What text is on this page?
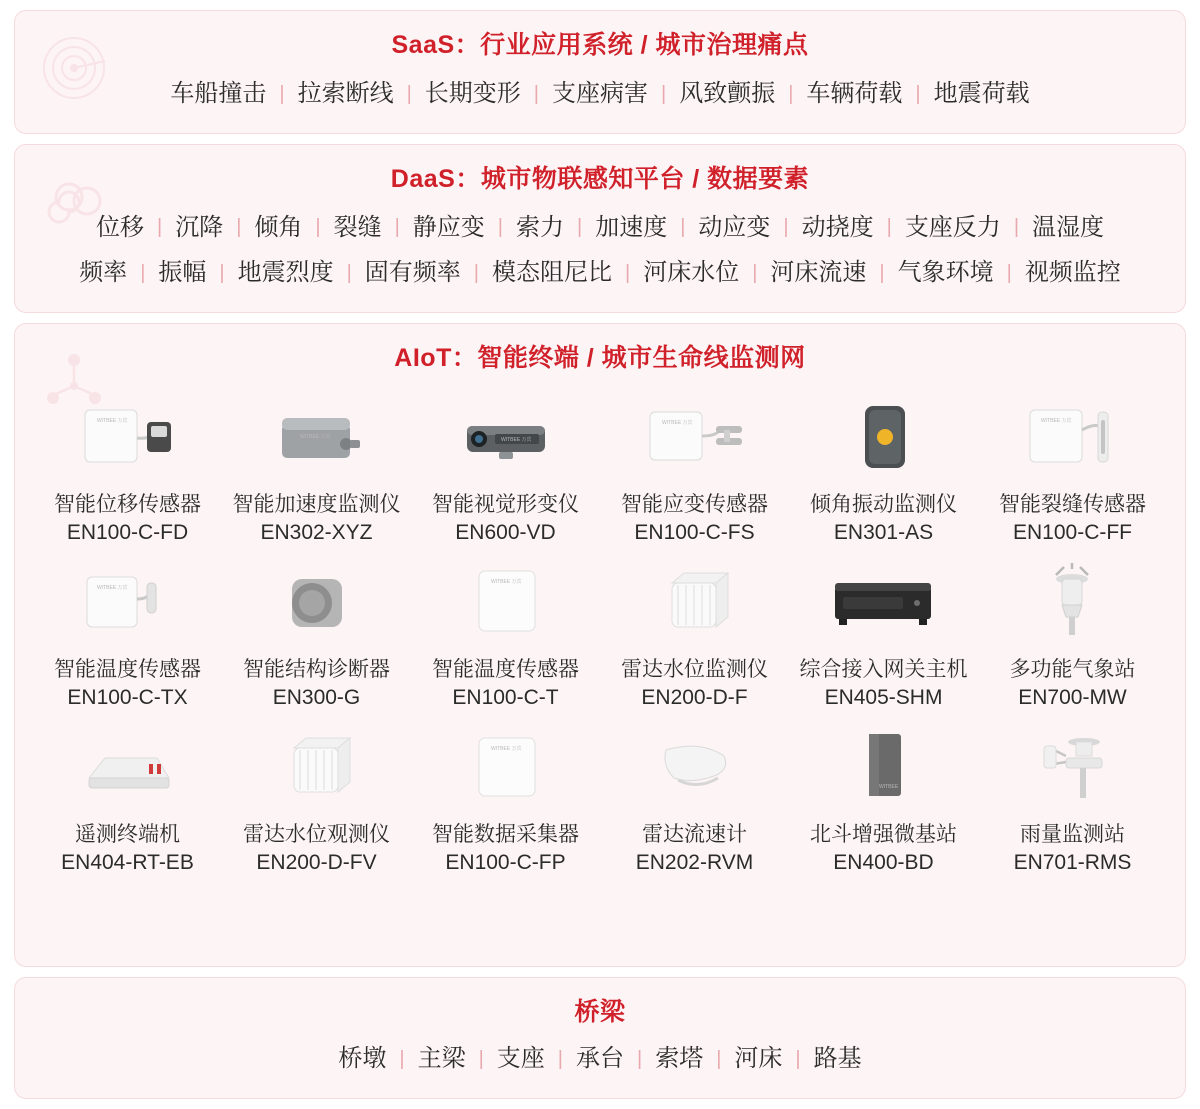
SaaS：行业应用系统 / 城市治理痛点
车船撞击 | 拉索断线 | 长期变形 | 支座病害 | 风致颤振 | 车辆荷载 | 地震荷载
DaaS：城市物联感知平台 / 数据要素
位移 | 沉降 | 倾角 | 裂缝 | 静应变 | 索力 | 加速度 | 动应变 | 动挠度 | 支座反力 | 温湿度
频率 | 振幅 | 地震烈度 | 固有频率 | 模态阻尼比 | 河床水位 | 河床流速 | 气象环境 | 视频监控
AIoT：智能终端 / 城市生命线监测网
WITBEE 万宾
智能位移传感器
EN100-C-FD
WITBEE 万宾
智能加速度监测仪
EN302-XYZ
WITBEE 万宾
智能视觉形变仪
EN600-VD
WITBEE 万宾
智能应变传感器
EN100-C-FS
倾角振动监测仪
EN301-AS
WITBEE 万宾
智能裂缝传感器
EN100-C-FF
WITBEE 万宾
智能温度传感器
EN100-C-TX
智能结构诊断器
EN300-G
WITBEE 万宾
智能温度传感器
EN100-C-T
雷达水位监测仪
EN200-D-F
综合接入网关主机
EN405-SHM
多功能气象站
EN700-MW
遥测终端机
EN404-RT-EB
雷达水位观测仪
EN200-D-FV
WITBEE 万宾
智能数据采集器
EN100-C-FP
雷达流速计
EN202-RVM
WITBEE
北斗增强微基站
EN400-BD
雨量监测站
EN701-RMS
桥梁
桥墩 | 主梁 | 支座 | 承台 | 索塔 | 河床 | 路基
